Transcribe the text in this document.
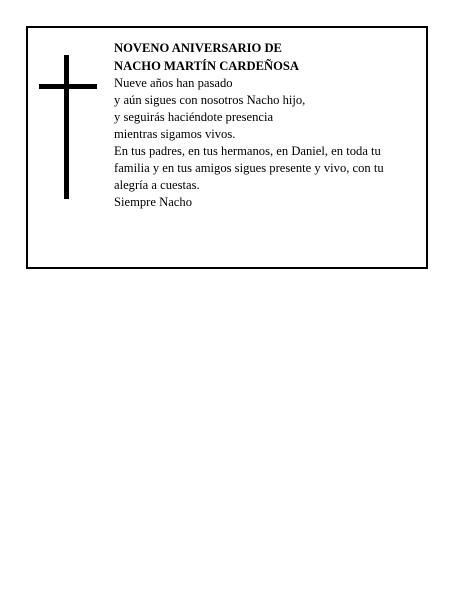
NOVENO ANIVERSARIO DE

NACHO MARTÍN CARDEÑOSA

Nueve años han pasado

y aún sigues con nosotros Nacho hijo,

y seguirás haciéndote presencia

mientras sigamos vivos.

En tus padres, en tus hermanos, en Daniel, en toda tu familia y en tus amigos sigues presente y vivo, con tu alegría a cuestas.

Siempre Nacho
